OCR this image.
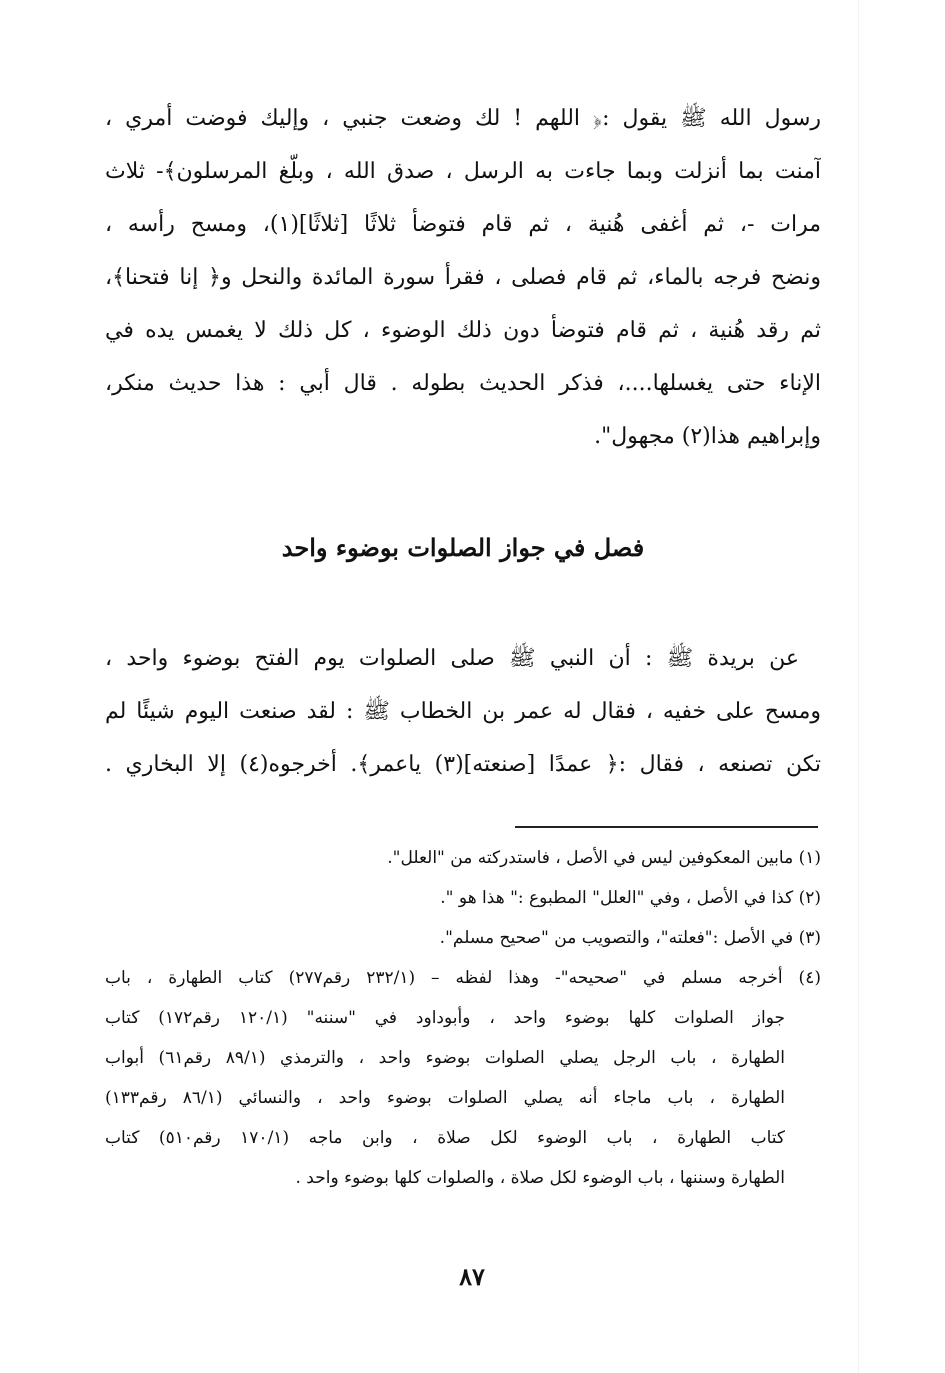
رسول الله ﷺ يقول :﴿ اللهم ! لك وضعت جنبي ، وإليك فوضت أمري ،
آمنت بما أنزلت وبما جاءت به الرسل ، صدق الله ، وبلّغ المرسلون﴾- ثلاث
مرات -، ثم أغفى هُنية ، ثم قام فتوضأ ثلاثًا [ثلاثًا](١)، ومسح رأسه ،
ونضح فرجه بالماء، ثم قام فصلى ، فقرأ سورة المائدة والنحل و﴿ إنا فتحنا﴾،
ثم رقد هُنية ، ثم قام فتوضأ دون ذلك الوضوء ، كل ذلك لا يغمس يده في
الإناء حتى يغسلها....، فذكر الحديث بطوله . قال أبي : هذا حديث منكر،
وإبراهيم هذا(٢) مجهول".
فصل في جواز الصلوات بوضوء واحد
عن بريدة ﷺ : أن النبي ﷺ صلى الصلوات يوم الفتح بوضوء واحد ،
ومسح على خفيه ، فقال له عمر بن الخطاب ﷺ : لقد صنعت اليوم شيئًا لم
تكن تصنعه ، فقال :﴿ عمدًا [صنعته](٣) ياعمر﴾. أخرجوه(٤) إلا البخاري .
(١) مابين المعكوفين ليس في الأصل ، فاستدركته من "العلل".
(٢) كذا في الأصل ، وفي "العلل" المطبوع :" هذا هو ".
(٣) في الأصل :"فعلته"، والتصويب من "صحيح مسلم".
(٤) أخرجه مسلم في "صحيحه"- وهذا لفظه – (٢٣٢/١ رقم٢٧٧) كتاب الطهارة ، باب
جواز الصلوات كلها بوضوء واحد ، وأبوداود في "سننه" (١٢٠/١ رقم١٧٢) كتاب
الطهارة ، باب الرجل يصلي الصلوات بوضوء واحد ، والترمذي (٨٩/١ رقم٦١) أبواب
الطهارة ، باب ماجاء أنه يصلي الصلوات بوضوء واحد ، والنسائي (٨٦/١ رقم١٣٣)
كتاب الطهارة ، باب الوضوء لكل صلاة ، وابن ماجه (١٧٠/١ رقم٥١٠) كتاب
الطهارة وسننها ، باب الوضوء لكل صلاة ، والصلوات كلها بوضوء واحد .
٨٧
